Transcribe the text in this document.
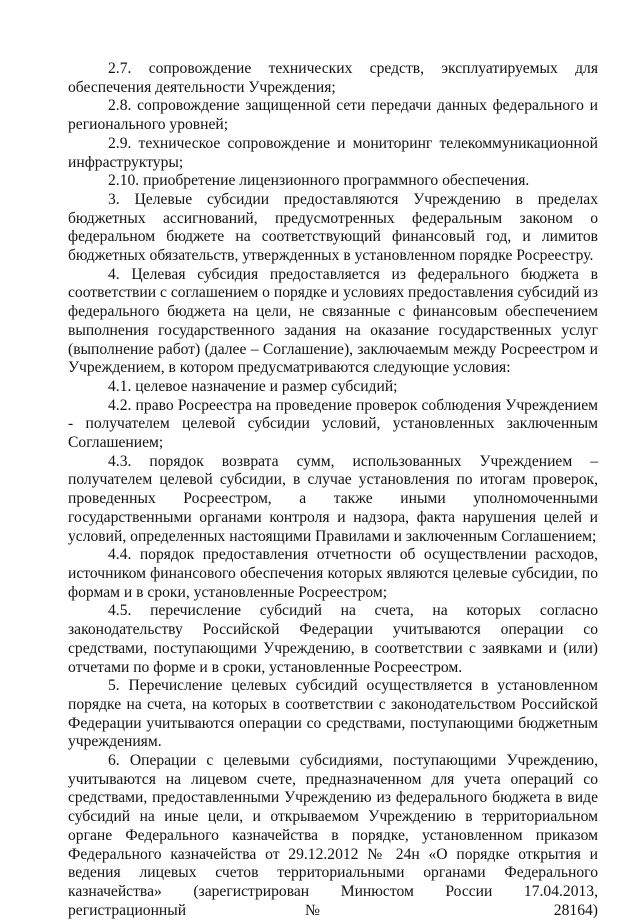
2.7. сопровождение технических средств, эксплуатируемых для обеспечения деятельности Учреждения;

2.8. сопровождение защищенной сети передачи данных федерального и регионального уровней;

2.9. техническое сопровождение и мониторинг телекоммуникационной инфраструктуры;

2.10. приобретение лицензионного программного обеспечения.

3. Целевые субсидии предоставляются Учреждению в пределах бюджетных ассигнований, предусмотренных федеральным законом о федеральном бюджете на соответствующий финансовый год, и лимитов бюджетных обязательств, утвержденных в установленном порядке Росреестру.

4. Целевая субсидия предоставляется из федерального бюджета в соответствии с соглашением о порядке и условиях предоставления субсидий из федерального бюджета на цели, не связанные с финансовым обеспечением выполнения государственного задания на оказание государственных услуг (выполнение работ) (далее – Соглашение), заключаемым между Росреестром и Учреждением, в котором предусматриваются следующие условия:

4.1. целевое назначение и размер субсидий;

4.2. право Росреестра на проведение проверок соблюдения Учреждением - получателем целевой субсидии условий, установленных заключенным Соглашением;

4.3. порядок возврата сумм, использованных Учреждением – получателем целевой субсидии, в случае установления по итогам проверок, проведенных Росреестром, а также иными уполномоченными государственными органами контроля и надзора, факта нарушения целей и условий, определенных настоящими Правилами и заключенным Соглашением;

4.4. порядок предоставления отчетности об осуществлении расходов, источником финансового обеспечения которых являются целевые субсидии, по формам и в сроки, установленные Росреестром;

4.5. перечисление субсидий на счета, на которых согласно законодательству Российской Федерации учитываются операции со средствами, поступающими Учреждению, в соответствии с заявками и (или) отчетами по форме и в сроки, установленные Росреестром.

5. Перечисление целевых субсидий осуществляется в установленном порядке на счета, на которых в соответствии с законодательством Российской Федерации учитываются операции со средствами, поступающими бюджетным учреждениям.

6. Операции с целевыми субсидиями, поступающими Учреждению, учитываются на лицевом счете, предназначенном для учета операций со средствами, предоставленными Учреждению из федерального бюджета в виде субсидий на иные цели, и открываемом Учреждению в территориальном органе Федерального казначейства в порядке, установленном приказом Федерального казначейства от 29.12.2012 № 24н «О порядке открытия и ведения лицевых счетов территориальными органами Федерального казначейства» (зарегистрирован Минюстом России 17.04.2013, регистрационный № 28164)
